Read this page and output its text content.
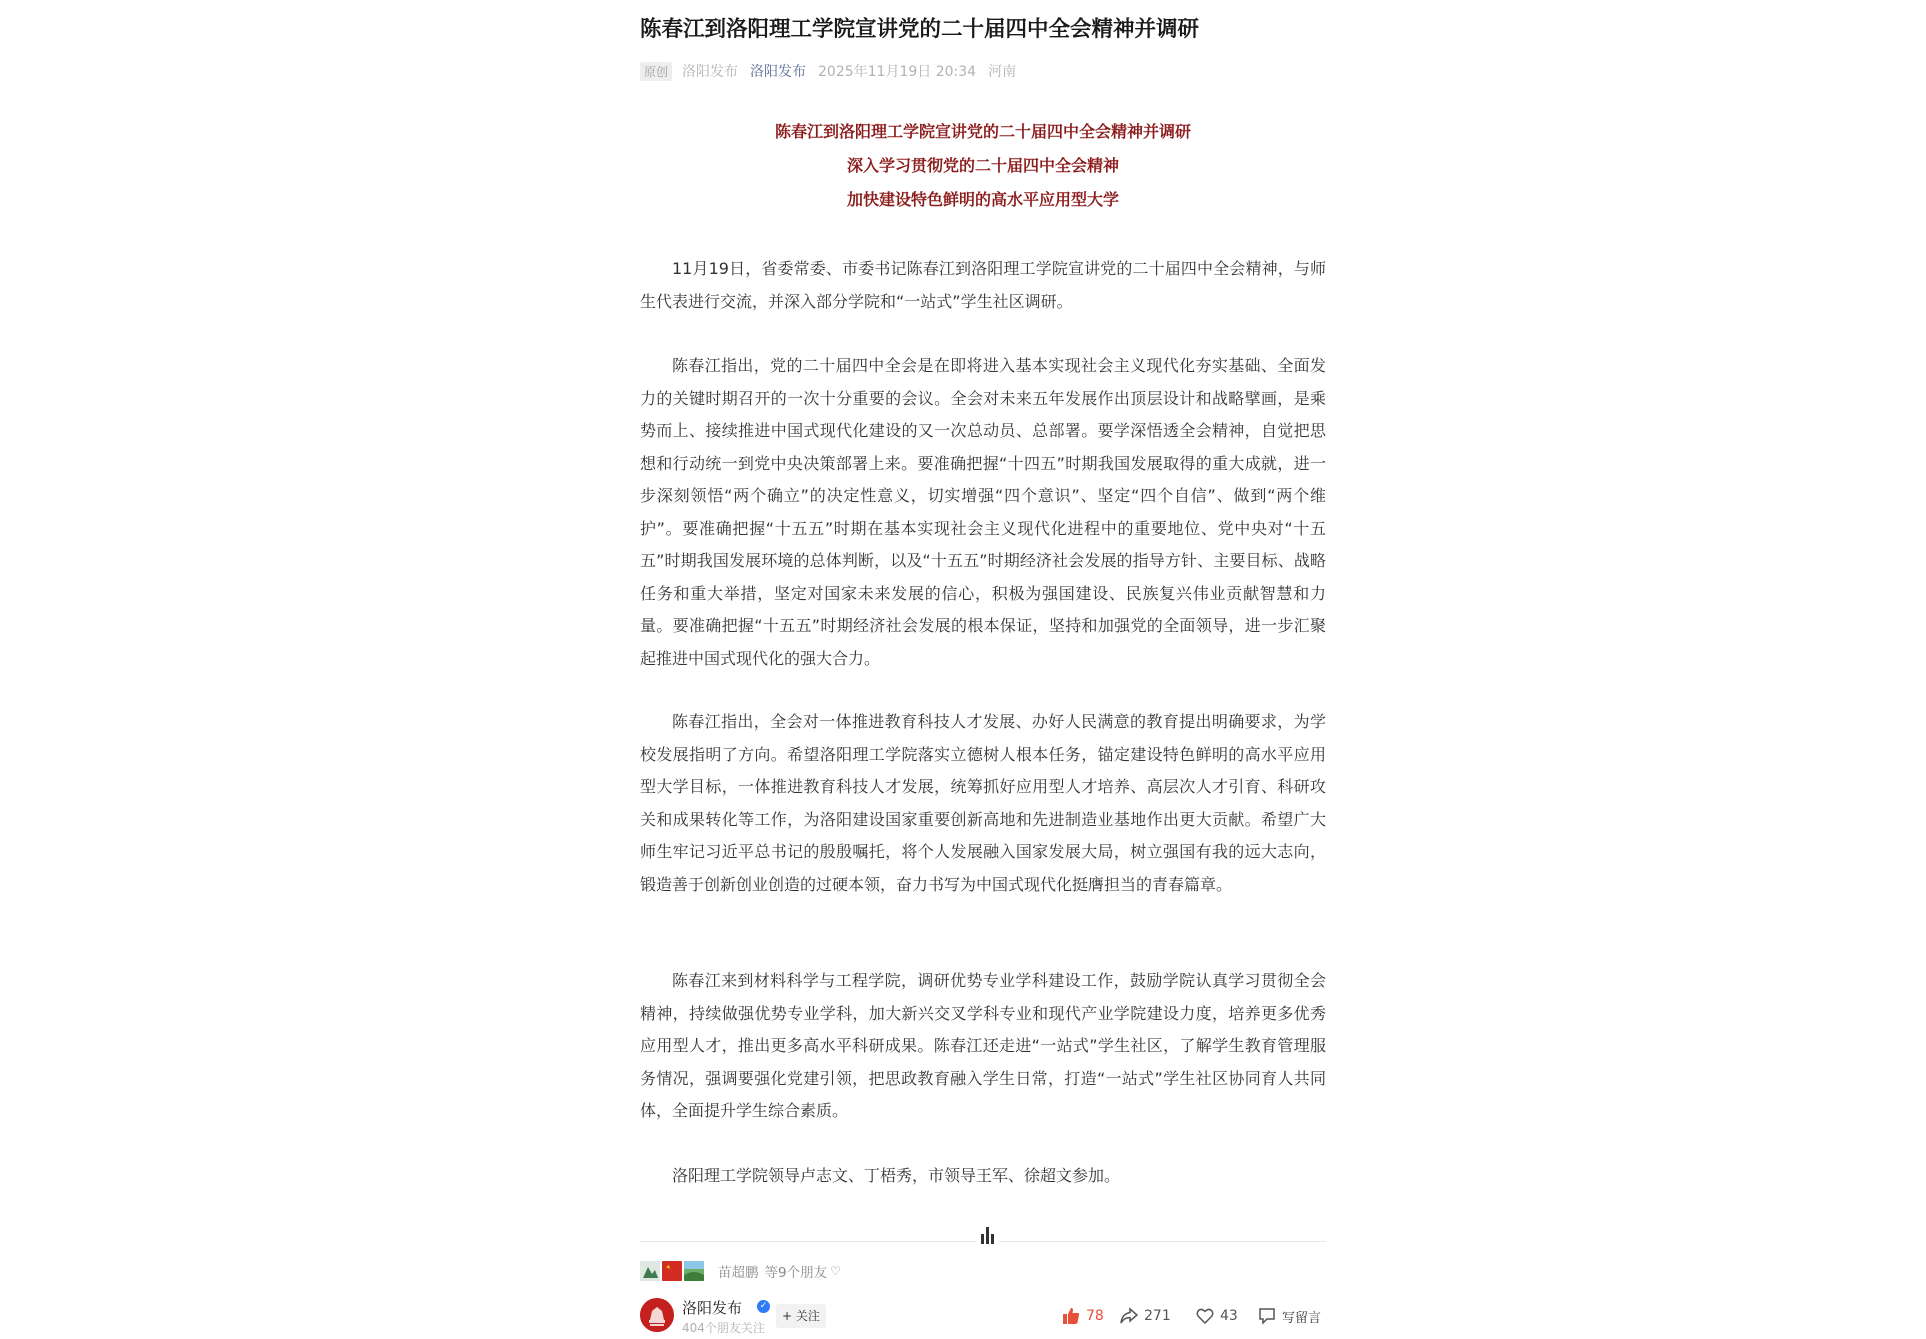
陈春江到洛阳理工学院宣讲党的二十届四中全会精神并调研
原创 洛阳发布 洛阳发布 2025年11月19日 20:34 河南
陈春江到洛阳理工学院宣讲党的二十届四中全会精神并调研
深入学习贯彻党的二十届四中全会精神
加快建设特色鲜明的高水平应用型大学

11月19日，省委常委、市委书记陈春江到洛阳理工学院宣讲党的二十届四中全会精神，与师生代表进行交流，并深入部分学院和“一站式”学生社区调研。

陈春江指出，党的二十届四中全会是在即将进入基本实现社会主义现代化夯实基础、全面发力的关键时期召开的一次十分重要的会议。全会对未来五年发展作出顶层设计和战略擘画，是乘势而上、接续推进中国式现代化建设的又一次总动员、总部署。要学深悟透全会精神，自觉把思想和行动统一到党中央决策部署上来。要准确把握“十四五”时期我国发展取得的重大成就，进一步深刻领悟“两个确立”的决定性意义，切实增强“四个意识”、坚定“四个自信”、做到“两个维护”。要准确把握“十五五”时期在基本实现社会主义现代化进程中的重要地位、党中央对“十五五”时期我国发展环境的总体判断，以及“十五五”时期经济社会发展的指导方针、主要目标、战略任务和重大举措，坚定对国家未来发展的信心，积极为强国建设、民族复兴伟业贡献智慧和力量。要准确把握“十五五”时期经济社会发展的根本保证，坚持和加强党的全面领导，进一步汇聚起推进中国式现代化的强大合力。

陈春江指出，全会对一体推进教育科技人才发展、办好人民满意的教育提出明确要求，为学校发展指明了方向。希望洛阳理工学院落实立德树人根本任务，锚定建设特色鲜明的高水平应用型大学目标，一体推进教育科技人才发展，统筹抓好应用型人才培养、高层次人才引育、科研攻关和成果转化等工作，为洛阳建设国家重要创新高地和先进制造业基地作出更大贡献。希望广大师生牢记习近平总书记的殷殷嘱托，将个人发展融入国家发展大局，树立强国有我的远大志向，锻造善于创新创业创造的过硬本领，奋力书写为中国式现代化挺膺担当的青春篇章。

陈春江来到材料科学与工程学院，调研优势专业学科建设工作，鼓励学院认真学习贯彻全会精神，持续做强优势专业学科，加大新兴交叉学科专业和现代产业学院建设力度，培养更多优秀应用型人才，推出更多高水平科研成果。陈春江还走进“一站式”学生社区，了解学生教育管理服务情况，强调要强化党建引领，把思政教育融入学生日常，打造“一站式”学生社区协同育人共同体，全面提升学生综合素质。

洛阳理工学院领导卢志文、丁梧秀，市领导王军、徐超文参加。

苗超鹏 等9个朋友 ♡
洛阳发布	✓
404个朋友关注
+ 关注	78	271	43	写留言
